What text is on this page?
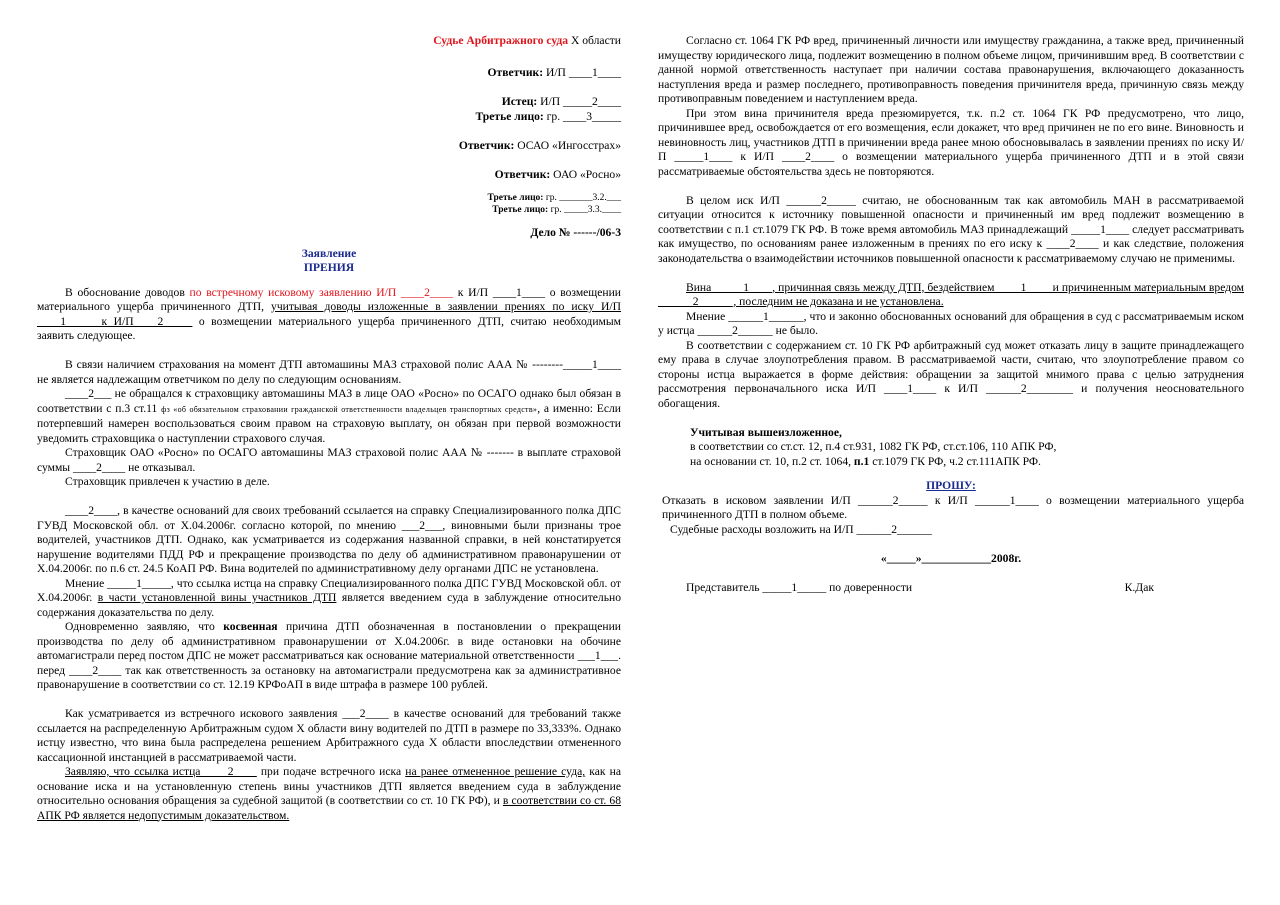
Судье Арбитражного суда Х области

Ответчик: И/П ____1____

Истец: И/П _____2____

Третье лицо: гр. ____3_____

Ответчик: ОСАО «Ингосстрах»

Ответчик: ОАО «Росно»

Третье лицо: гр. _______3.2.___

Третье лицо: гр. _____3.3.____

Дело № ------/06-3

Заявление

ПРЕНИЯ

В обоснование доводов по встречному исковому заявлению И/П ____2____ к И/П ____1____ о возмещении материального ущерба причиненного ДТП, учитывая доводы изложенные в заявлении прениях по иску И/П ____1_____ к И/П ___2_____ о возмещении материального ущерба причиненного ДТП, считаю необходимым заявить следующее.

В связи наличием страхования на момент ДТП автомашины МАЗ страховой полис ААА № --------_____1____ не является надлежащим ответчиком по делу по следующим основаниям.

____2___ не обращался к страховщику автомашины МАЗ в лице ОАО «Росно» по ОСАГО однако был обязан в соответствии с п.3 ст.11 фз «об обязательном страховании гражданской ответственности владельцев транспортных средств», а именно: Если потерпевший намерен воспользоваться своим правом на страховую выплату, он обязан при первой возможности уведомить страховщика о наступлении страхового случая.

Страховщик ОАО «Росно» по ОСАГО автомашины МАЗ страховой полис ААА № ------- в выплате страховой суммы ____2____ не отказывал.

Страховщик привлечен к участию в деле.

____2____, в качестве оснований для своих требований ссылается на справку Специализированного полка ДПС ГУВД Московской обл. от Х.04.2006г. согласно которой, по мнению ___2___, виновными были признаны трое водителей, участников ДТП. Однако, как усматривается из содержания названной справки, в ней констатируется нарушение водителями ПДД РФ и прекращение производства по делу об административном правонарушении от Х.04.2006г. по п.6 ст. 24.5 КоАП РФ. Вина водителей по административному делу органами ДПС не установлена.

Мнение _____1_____, что ссылка истца на справку Специализированного полка ДПС ГУВД Московской обл. от Х.04.2006г. в части установленной вины участников ДТП является введением суда в заблуждение относительно содержания доказательства по делу.

Одновременно заявляю, что косвенная причина ДТП обозначенная в постановлении о прекращении производства по делу об административном правонарушении от Х.04.2006г. в виде остановки на обочине автомагистрали перед постом ДПС не может рассматриваться как основание материальной ответственности ___1___. перед ____2____ так как ответственность за остановку на автомагистрали предусмотрена как за административное правонарушение в соответствии со ст. 12.19 КРФоАП в виде штрафа в размере 100 рублей.

Как усматривается из встречного искового заявления ___2____ в качестве оснований для требований также ссылается на распределенную Арбитражным судом Х области вину водителей по ДТП в размере по 33,333%. Однако истцу известно, что вина была распределена решением Арбитражного суда Х области впоследствии отмененного кассационной инстанцией в рассматриваемой части.

Заявляю, что ссылка истца ____2____ при подаче встречного иска на ранее отмененное решение суда, как на основание иска и на установленную степень вины участников ДТП является введением суда в заблуждение относительно основания обращения за судебной защитой (в соответствии со ст. 10 ГК РФ), и в соответствии со ст. 68 АПК РФ является недопустимым доказательством.

Согласно ст. 1064 ГК РФ вред, причиненный личности или имуществу гражданина, а также вред, причиненный имуществу юридического лица, подлежит возмещению в полном объеме лицом, причинившим вред. В соответствии с данной нормой ответственность наступает при наличии состава правонарушения, включающего доказанность наступления вреда и размер последнего, противоправность поведения причинителя вреда, причинную связь между противоправным поведением и наступлением вреда.

При этом вина причинителя вреда презюмируется, т.к. п.2 ст. 1064 ГК РФ предусмотрено, что лицо, причинившее вред, освобождается от его возмещения, если докажет, что вред причинен не по его вине. Виновность и невиновность лиц, участников ДТП в причинении вреда ранее мною обосновывалась в заявлении прениях по иску И/П _____1____ к И/П ____2____ о возмещении материального ущерба причиненного ДТП и в этой связи рассматриваемые обстоятельства здесь не повторяются.

В целом иск И/П ______2_____ считаю, не обоснованным так как автомобиль МАН в рассматриваемой ситуации относится к источнику повышенной опасности и причиненный им вред подлежит возмещению в соответствии с п.1 ст.1079 ГК РФ. В тоже время автомобиль МАЗ принадлежащий _____1____ следует рассматривать как имущество, по основаниям ранее изложенным в прениях по его иску к ____2____ и как следствие, положения законодательства о взаимодействии источников повышенной опасности к рассматриваемому случаю не применимы.

Вина _____1____, причинная связь между ДТП, бездействием ____1____ и причиненным материальным вредом ______2______, последним не доказана и не установлена.

Мнение ______1______, что и законно обоснованных оснований для обращения в суд с рассматриваемым иском у истца ______2______ не было.

В соответствии с содержанием ст. 10 ГК РФ арбитражный суд может отказать лицу в защите принадлежащего ему права в случае злоупотребления правом. В рассматриваемой части, считаю, что злоупотребление правом со стороны истца выражается в форме действия: обращении за защитой мнимого права с целью затруднения рассмотрения первоначального иска И/П ____1____ к И/П ______2________ и получения неосновательного обогащения.

Учитывая вышеизложенное,

в соответствии со ст.ст. 12, п.4 ст.931, 1082 ГК РФ, ст.ст.106, 110 АПК РФ,

на основании ст. 10, п.2 ст. 1064, п.1 ст.1079 ГК РФ, ч.2 ст.111АПК РФ.

ПРОШУ:

Отказать в исковом заявлении И/П ______2_____ к И/П ______1____ о возмещении материального ущерба причиненного ДТП в полном объеме.

Судебные расходы возложить на И/П ______2______

«_____»____________2008г.

Представитель _____1_____ по доверенности	К.Дак
